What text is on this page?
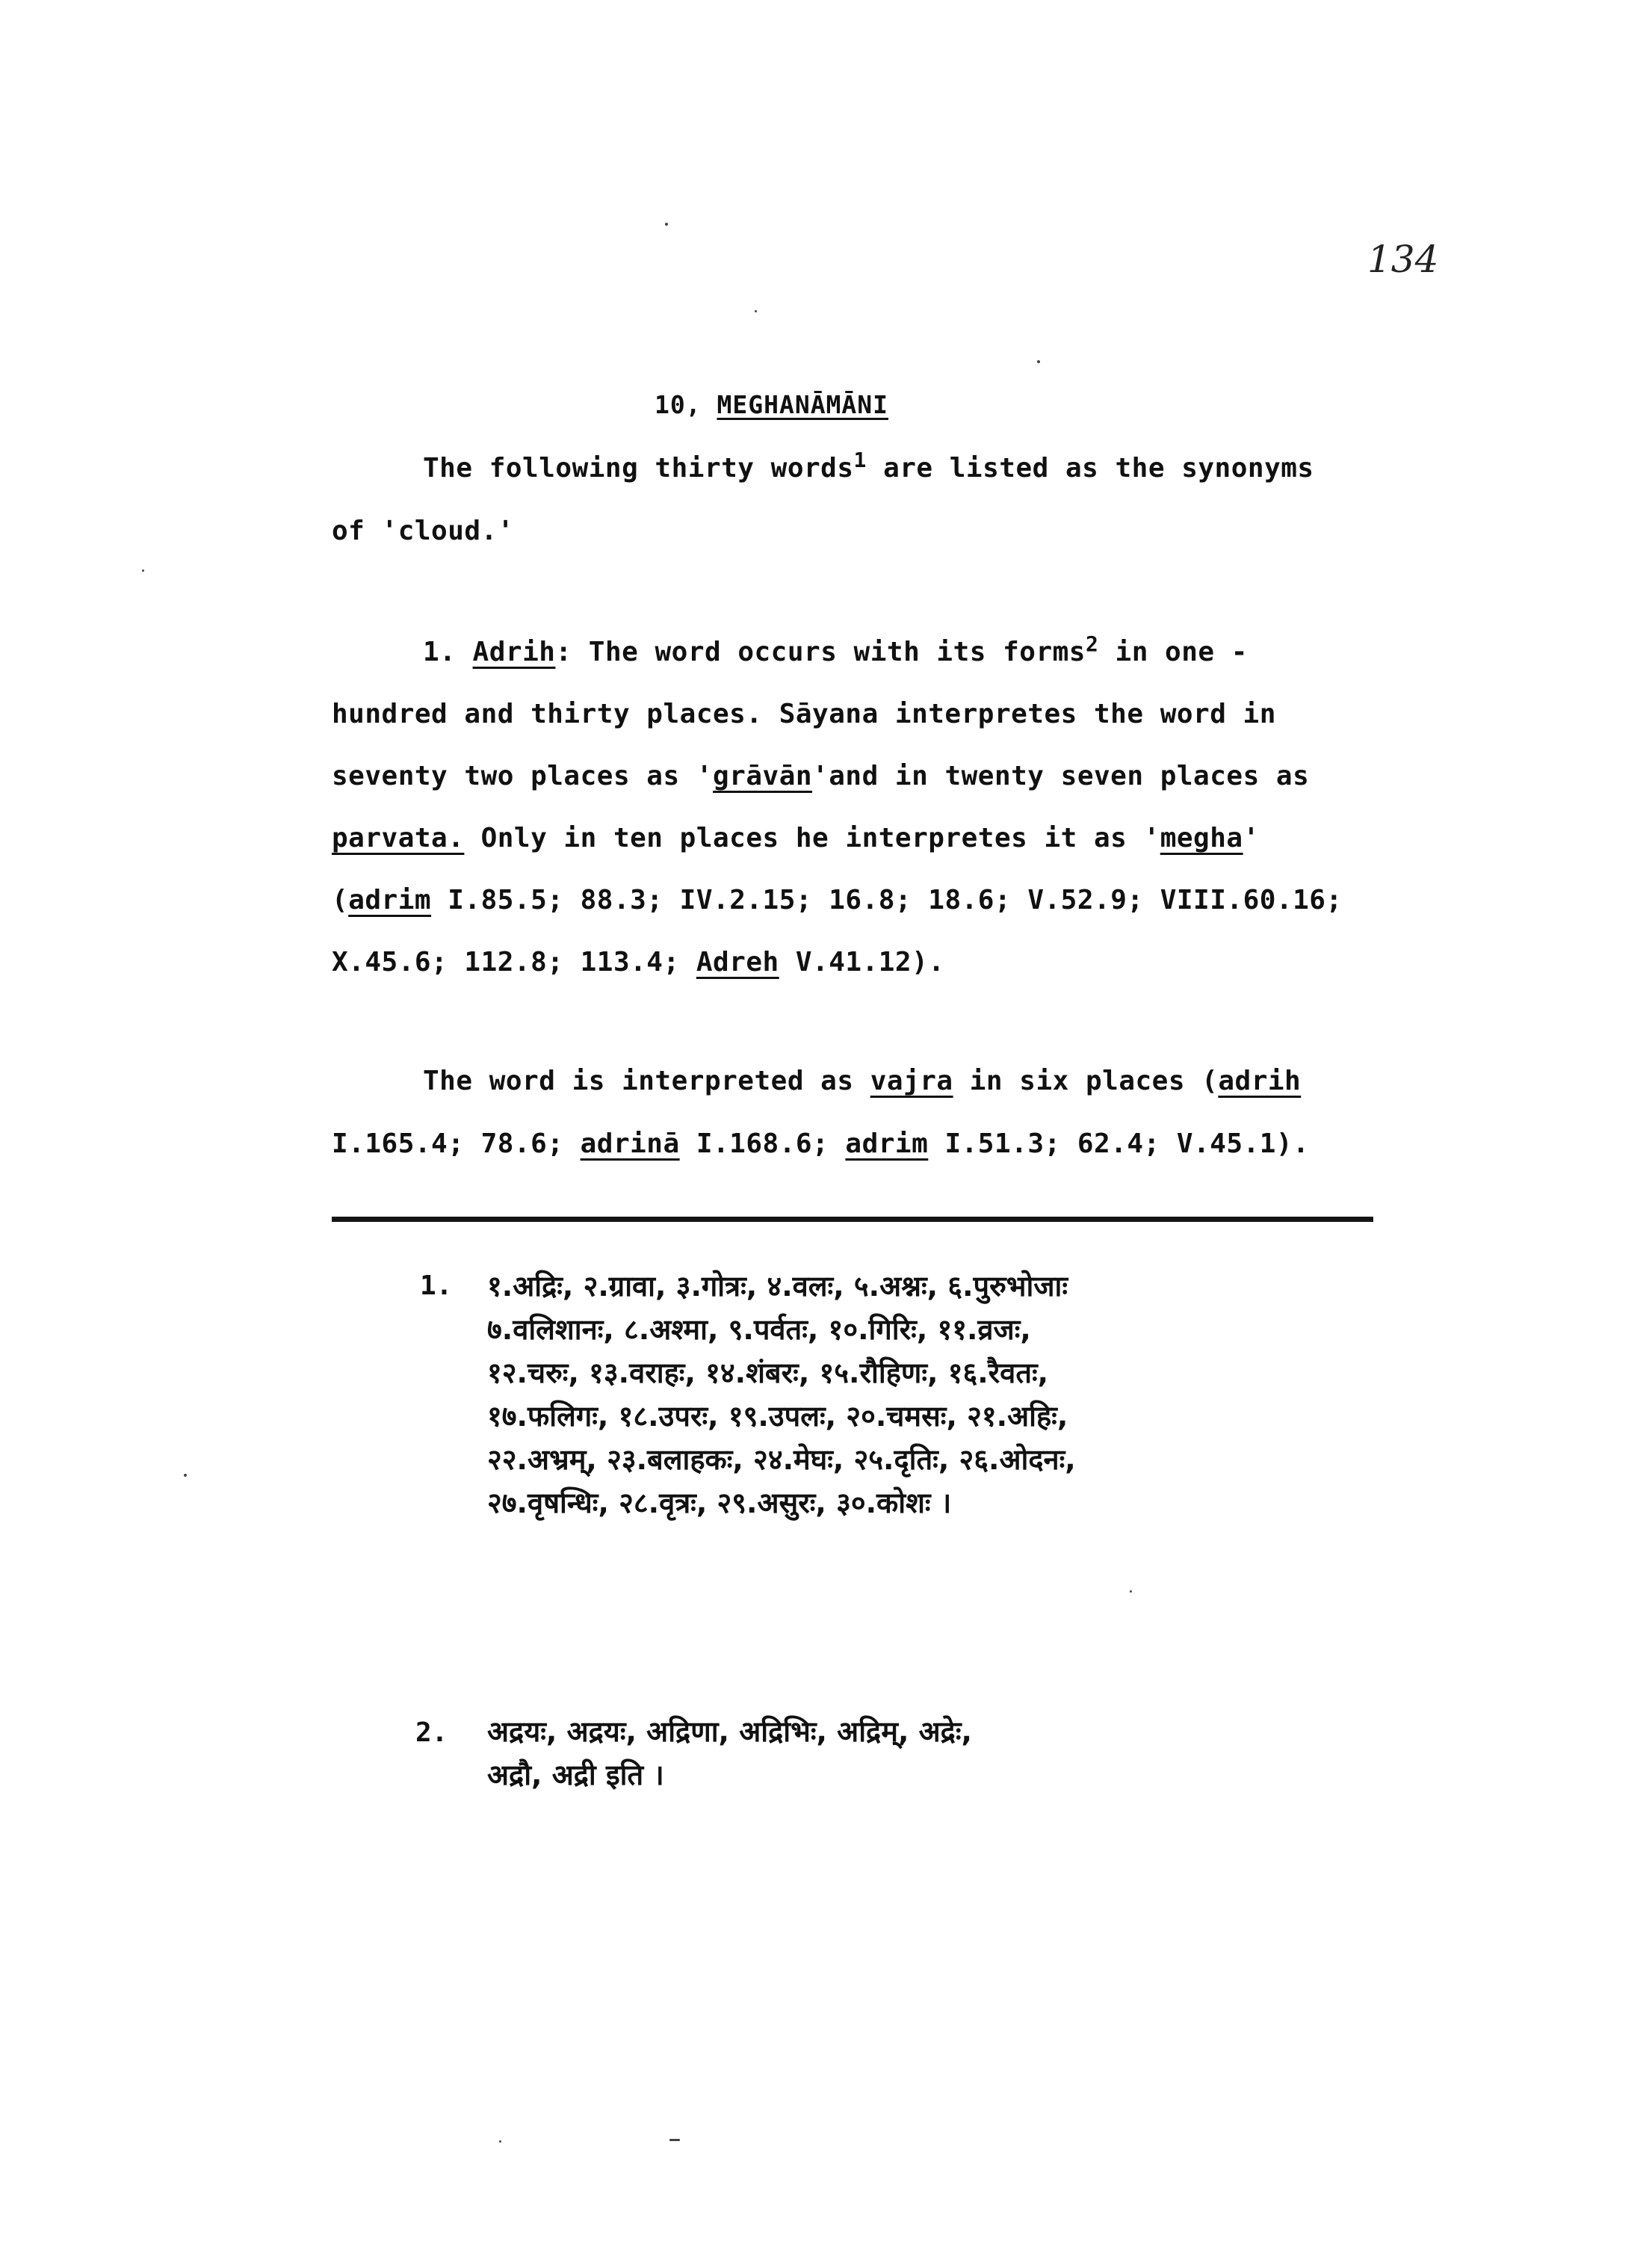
134
10, MEGHANĀMĀNI
The following thirty words$^1$ are listed as the synonyms
of 'cloud.'
1. Adrih: The word occurs with its forms$^2$ in one -
hundred and thirty places. Sāyana interpretes the word in
seventy two places as 'grāvān'and in twenty seven places as
parvata. Only in ten places he interpretes it as 'megha'
(adrim I.85.5; 88.3; IV.2.15; 16.8; 18.6; V.52.9; VIII.60.16;
X.45.6; 112.8; 113.4; Adreh V.41.12).
The word is interpreted as vajra in six places (adrih
I.165.4; 78.6; adrinā I.168.6; adrim I.51.3; 62.4; V.45.1).
1. १.अद्रिः, २.ग्रावा, ३.गोत्रः, ४.वलः, ५.अश्नः, ६.पुरुभोजाः
७.वलिशानः, ८.अश्मा, ९.पर्वतः, १०.गिरिः, ११.व्रजः,
१२.चरुः, १३.वराहः, १४.शंबरः, १५.रौहिणः, १६.रैवतः,
१७.फलिगः, १८.उपरः, १९.उपलः, २०.चमसः, २१.अहिः,
२२.अभ्रम्, २३.बलाहकः, २४.मेघः, २५.दृतिः, २६.ओदनः,
२७.वृषन्धिः, २८.वृत्रः, २९.असुरः, ३०.कोशः ।
2. अद्रयः, अद्रयः, अद्रिणा, अद्रिभिः, अद्रिम्, अद्रेः,
अद्रौ, अद्री इति ।
